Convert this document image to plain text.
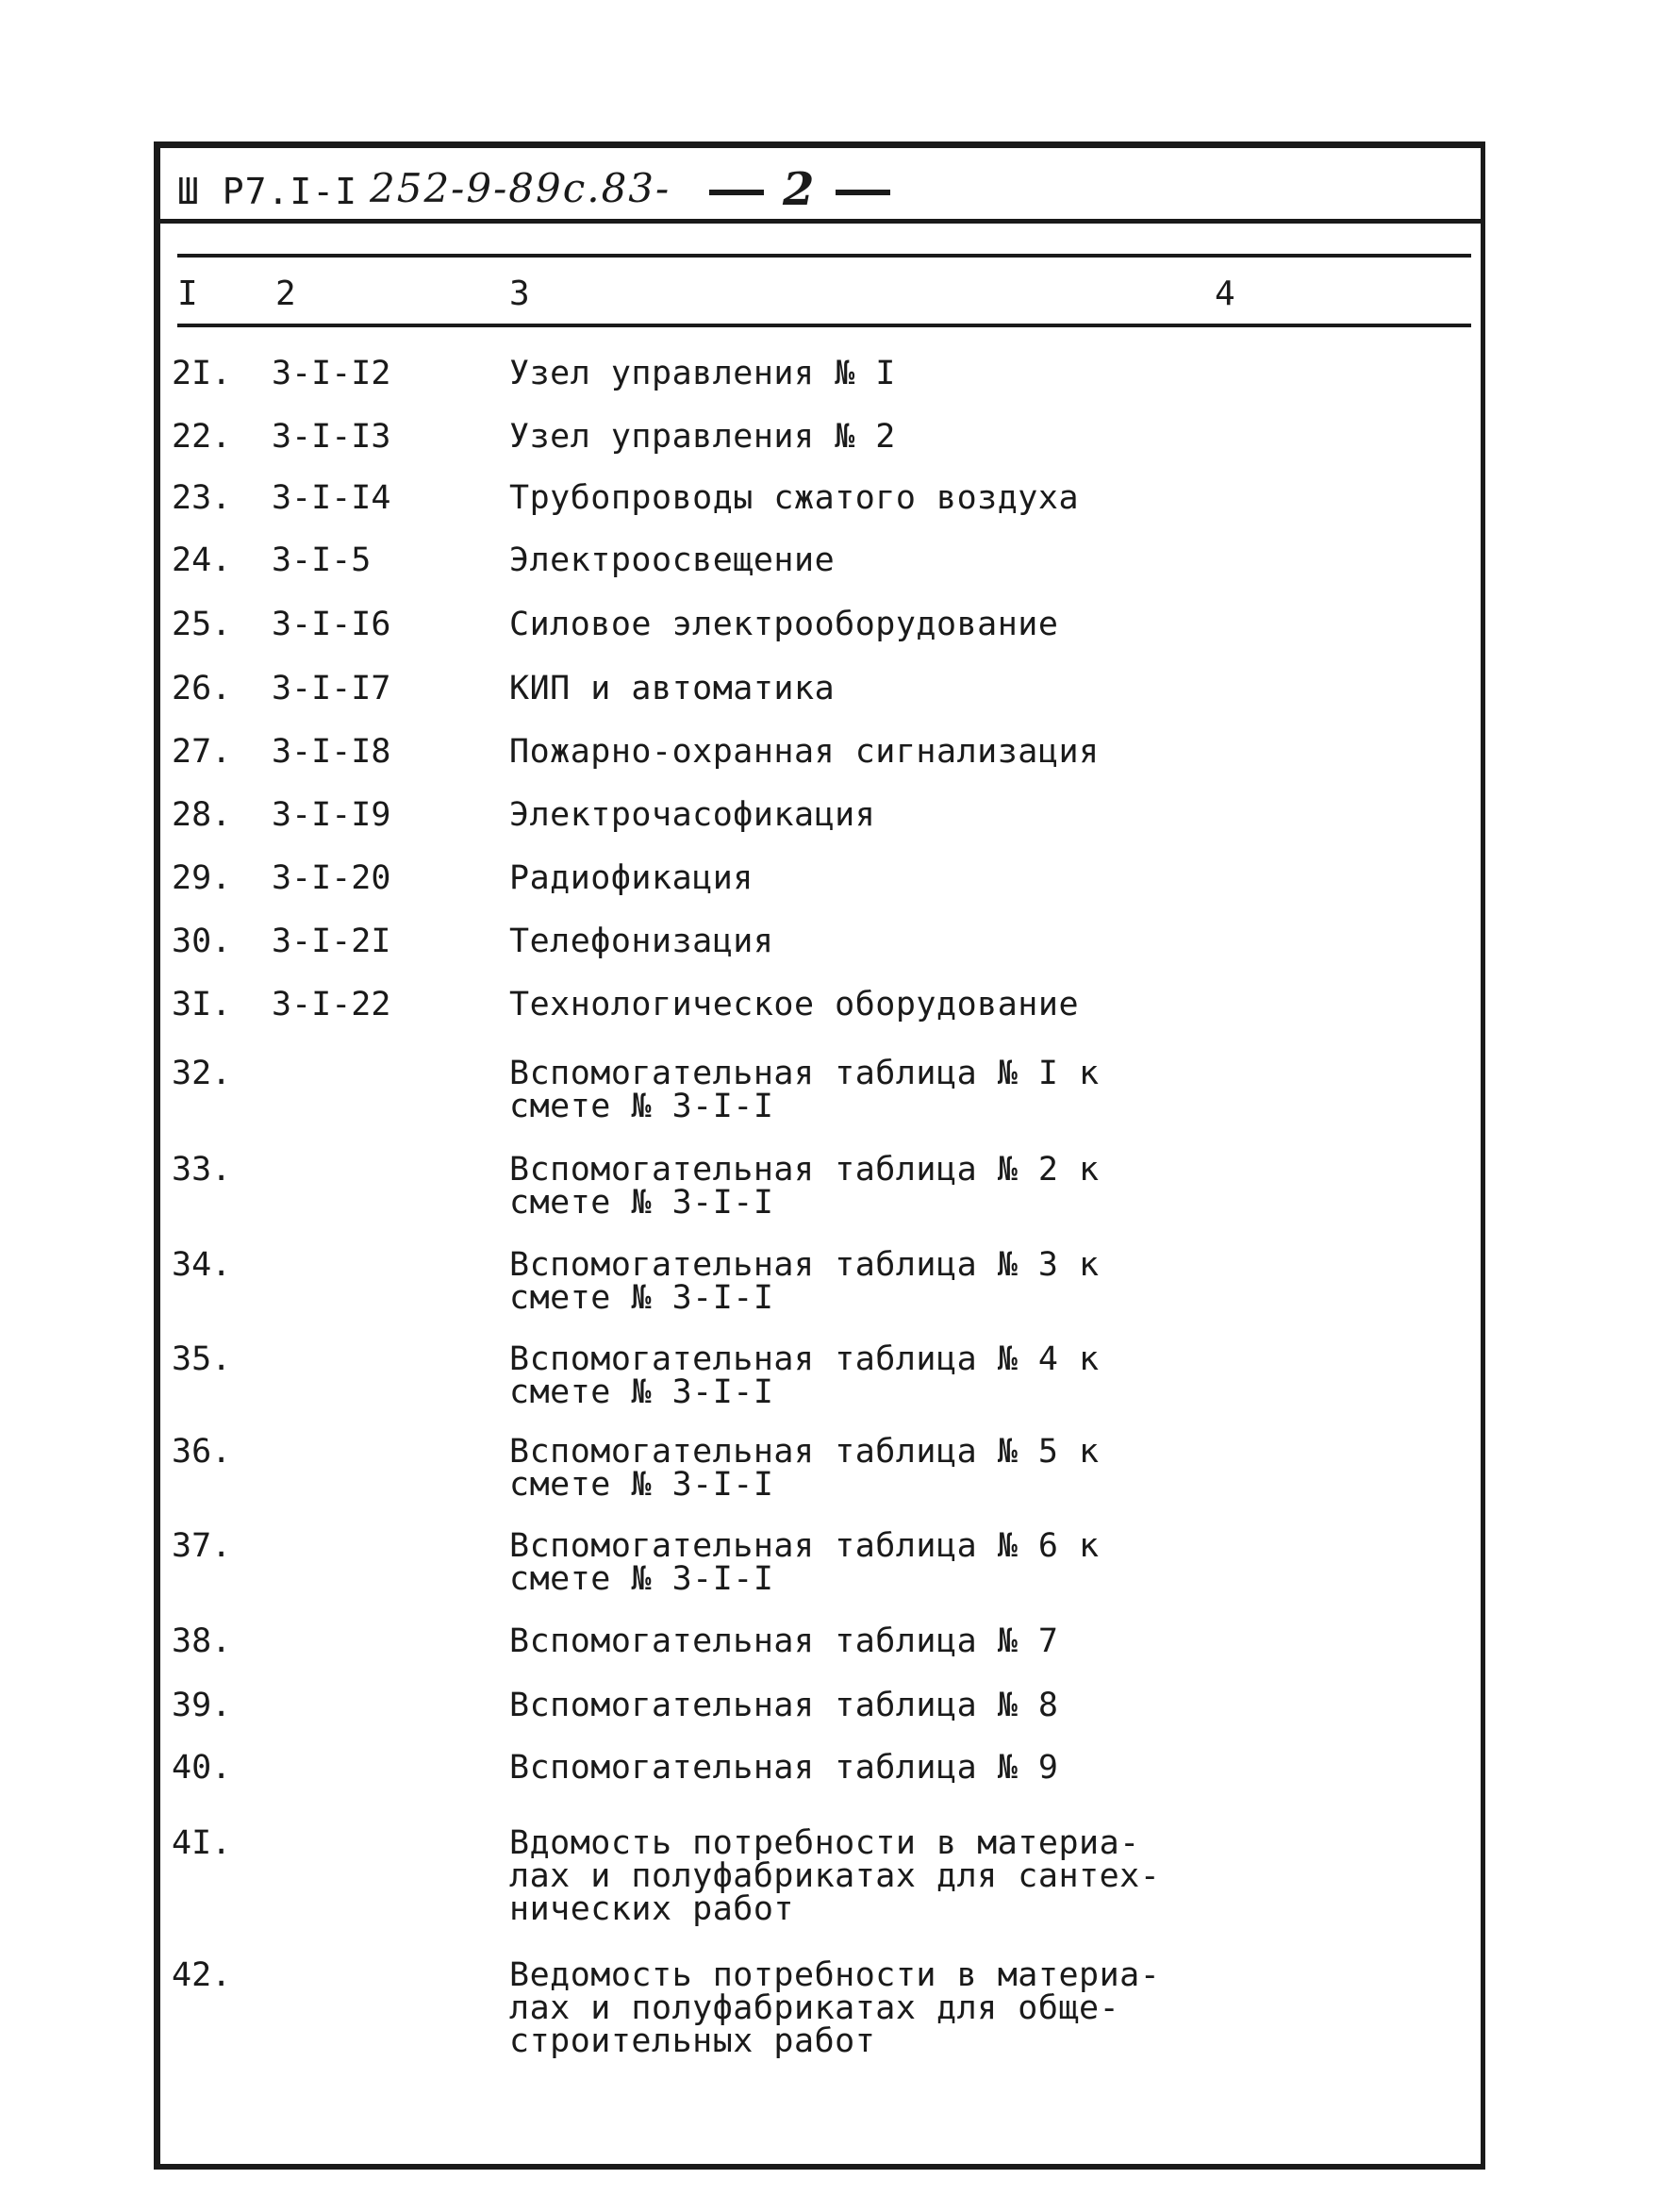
Ш Р7.I-I 252-9-89с.83- 2
I 2	3	4
2I. 3-I-I2	Узел управления № I
22. 3-I-I3	Узел управления № 2
23. 3-I-I4	Трубопроводы сжатого воздуха
24. 3-I-5	Электроосвещение
25. 3-I-I6	Силовое электрооборудование
26. 3-I-I7	КИП и автоматика
27. 3-I-I8	Пожарно-охранная сигнализация
28. 3-I-I9	Электрочасофикация
29. 3-I-20	Радиофикация
30. 3-I-2I	Телефонизация
3I. 3-I-22	Технологическое оборудование
32.	Вспомогательная таблица № I к
смете № 3-I-I
33.	Вспомогательная таблица № 2 к
смете № 3-I-I
34.	Вспомогательная таблица № 3 к
смете № 3-I-I
35.	Вспомогательная таблица № 4 к
смете № 3-I-I
36.	Вспомогательная таблица № 5 к
смете № 3-I-I
37.	Вспомогательная таблица № 6 к
смете № 3-I-I
38.	Вспомогательная таблица № 7
39.	Вспомогательная таблица № 8
40.	Вспомогательная таблица № 9
4I.	Вдомость потребности в материа-
лах и полуфабрикатах для сантех-
нических работ
42.	Ведомость потребности в материа-
лах и полуфабрикатах для обще-
строительных работ
